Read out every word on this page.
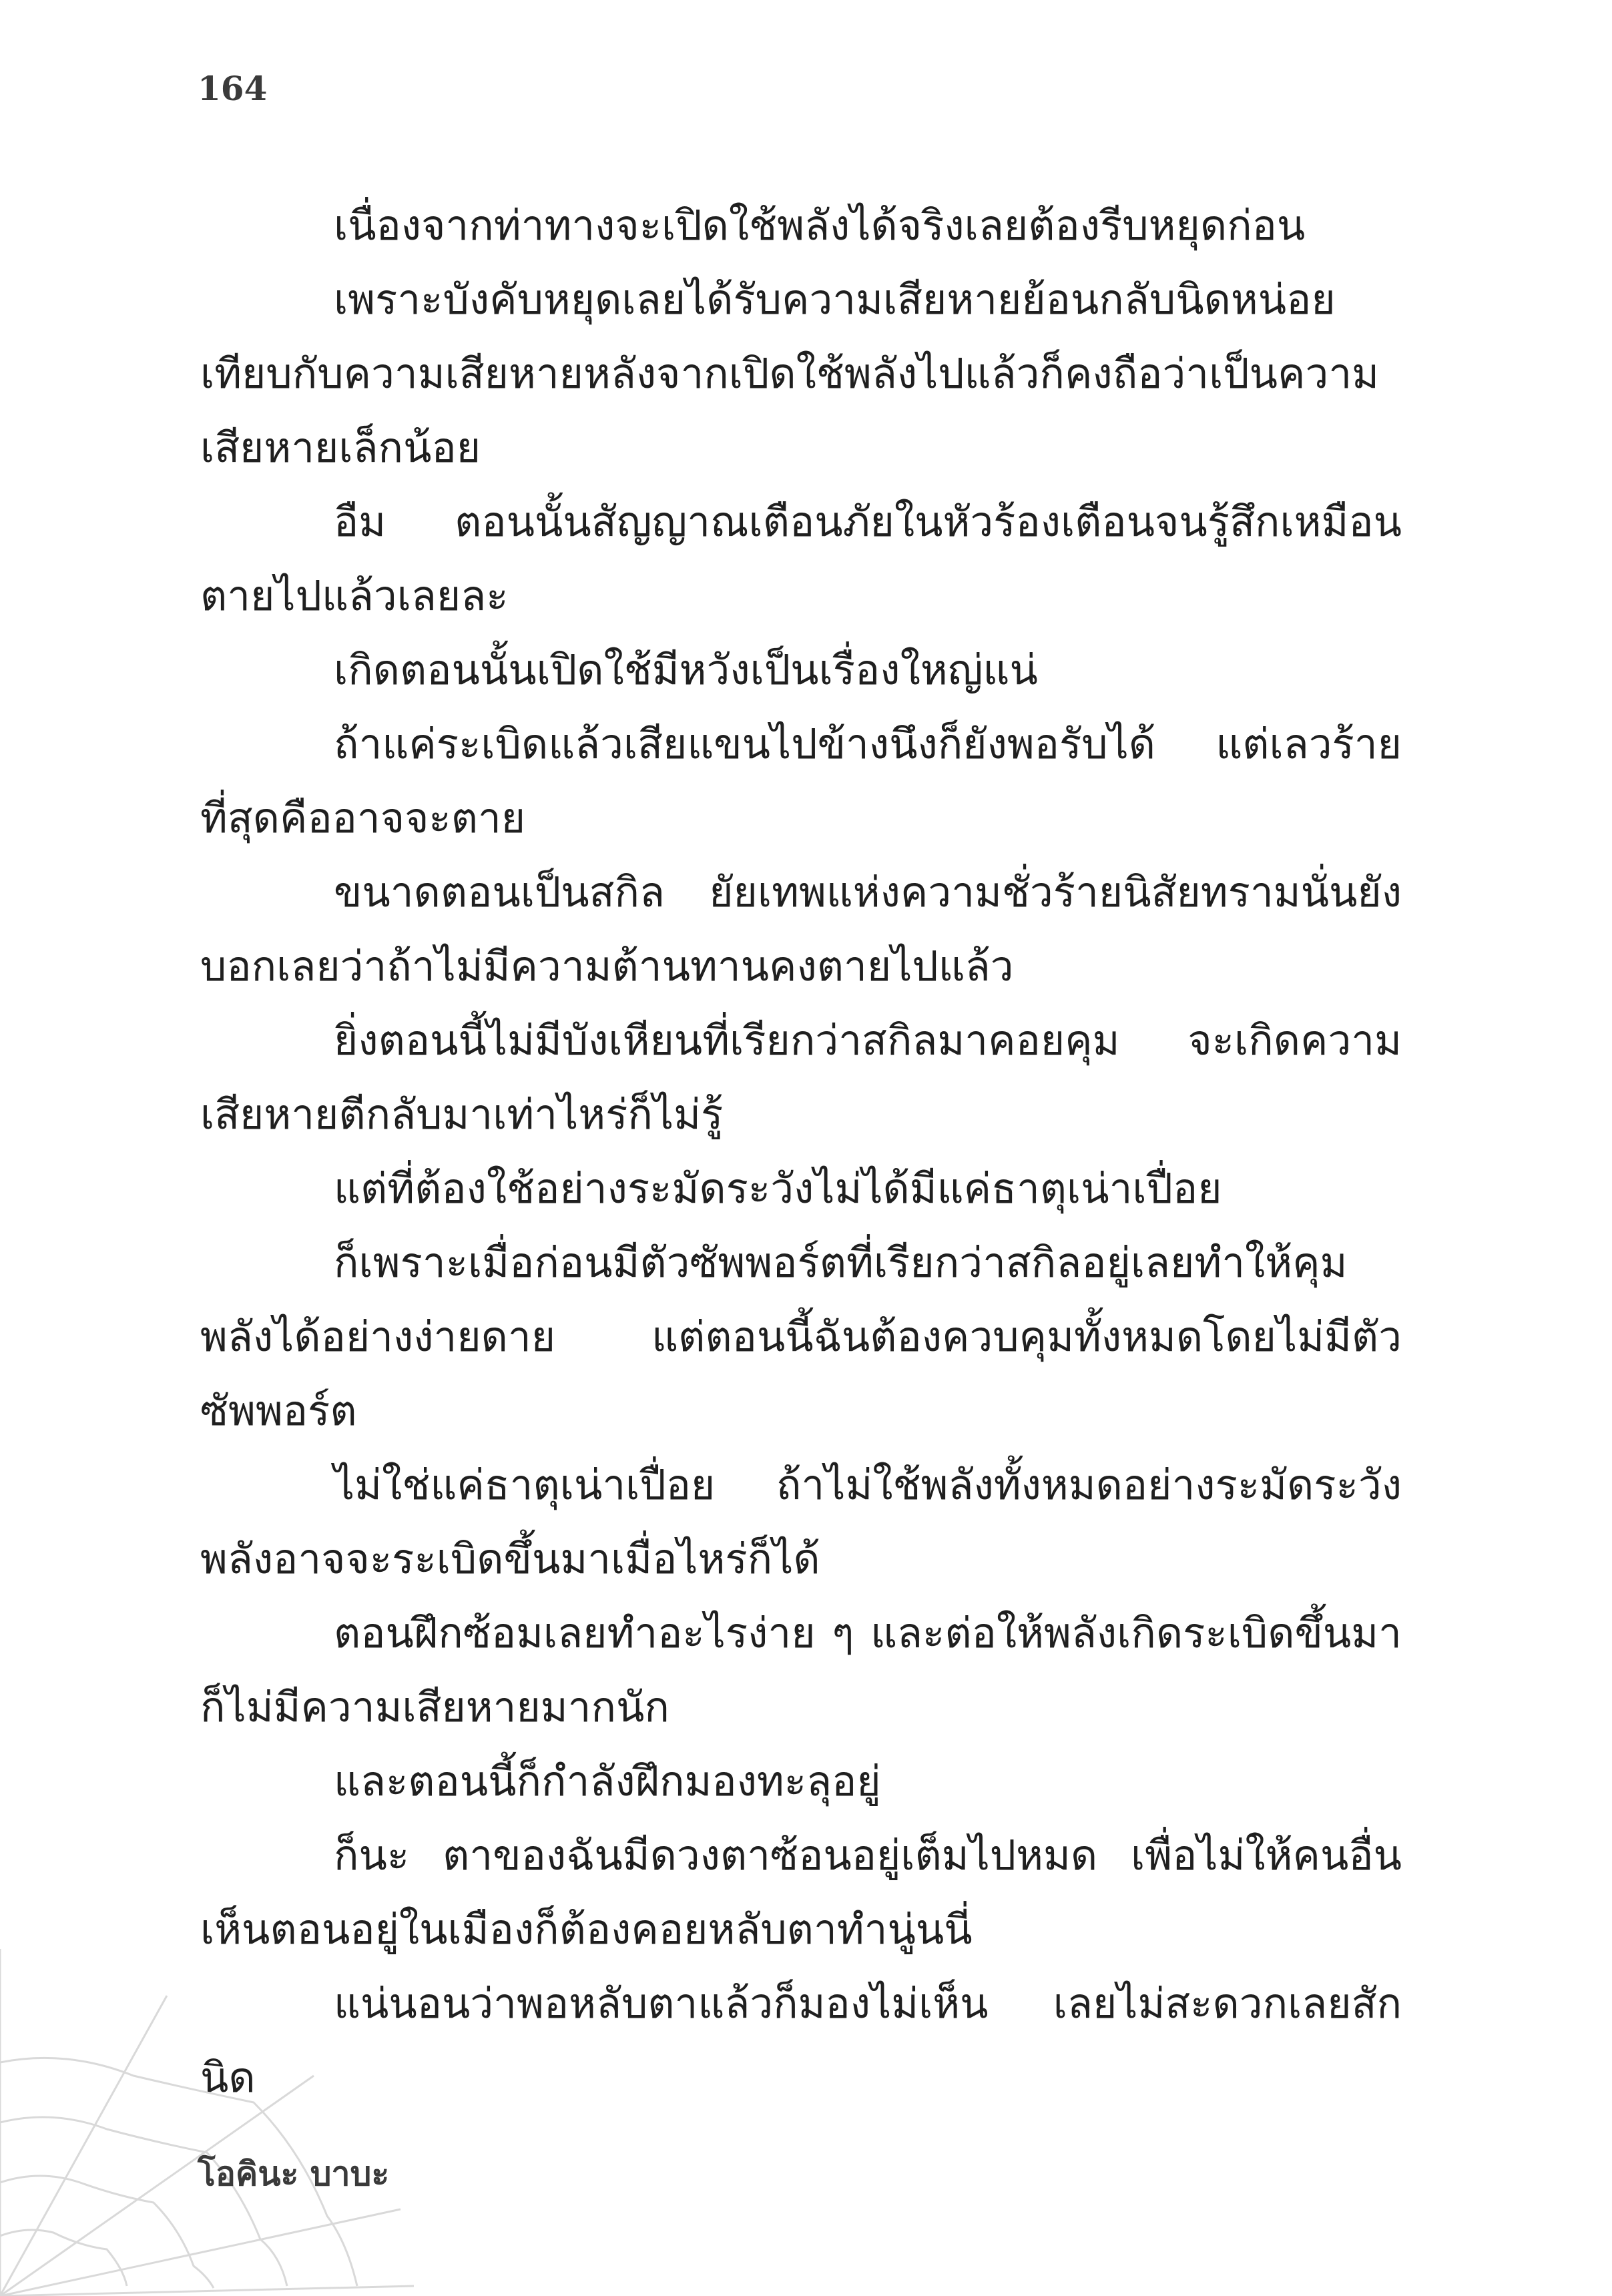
164

เนื่องจากท่าทางจะเปิดใช้พลังได้จริงเลยต้องรีบหยุดก่อน

เพราะบังคับหยุดเลยได้รับความเสียหายย้อนกลับนิดหน่อย เทียบกับความเสียหายหลังจากเปิดใช้พลังไปแล้วก็คงถือว่าเป็นความเสียหายเล็กน้อย

อืม ตอนนั้นสัญญาณเตือนภัยในหัวร้องเตือนจนรู้สึกเหมือนตายไปแล้วเลยละ

เกิดตอนนั้นเปิดใช้มีหวังเป็นเรื่องใหญ่แน่

ถ้าแค่ระเบิดแล้วเสียแขนไปข้างนึงก็ยังพอรับได้ แต่เลวร้ายที่สุดคืออาจจะตาย

ขนาดตอนเป็นสกิล ยัยเทพแห่งความชั่วร้ายนิสัยทรามนั่นยังบอกเลยว่าถ้าไม่มีความต้านทานคงตายไปแล้ว

ยิ่งตอนนี้ไม่มีบังเหียนที่เรียกว่าสกิลมาคอยคุม จะเกิดความเสียหายตีกลับมาเท่าไหร่ก็ไม่รู้

แต่ที่ต้องใช้อย่างระมัดระวังไม่ได้มีแค่ธาตุเน่าเปื่อย

ก็เพราะเมื่อก่อนมีตัวซัพพอร์ตที่เรียกว่าสกิลอยู่เลยทำให้คุมพลังได้อย่างง่ายดาย แต่ตอนนี้ฉันต้องควบคุมทั้งหมดโดยไม่มีตัวซัพพอร์ต

ไม่ใช่แค่ธาตุเน่าเปื่อย ถ้าไม่ใช้พลังทั้งหมดอย่างระมัดระวังพลังอาจจะระเบิดขึ้นมาเมื่อไหร่ก็ได้

ตอนฝึกซ้อมเลยทำอะไรง่าย ๆ และต่อให้พลังเกิดระเบิดขึ้นมาก็ไม่มีความเสียหายมากนัก

และตอนนี้ก็กำลังฝึกมองทะลุอยู่

ก็นะ ตาของฉันมีดวงตาซ้อนอยู่เต็มไปหมด เพื่อไม่ให้คนอื่นเห็นตอนอยู่ในเมืองก็ต้องคอยหลับตาทำนู่นนี่

แน่นอนว่าพอหลับตาแล้วก็มองไม่เห็น เลยไม่สะดวกเลยสักนิด

โอคินะ บาบะ
